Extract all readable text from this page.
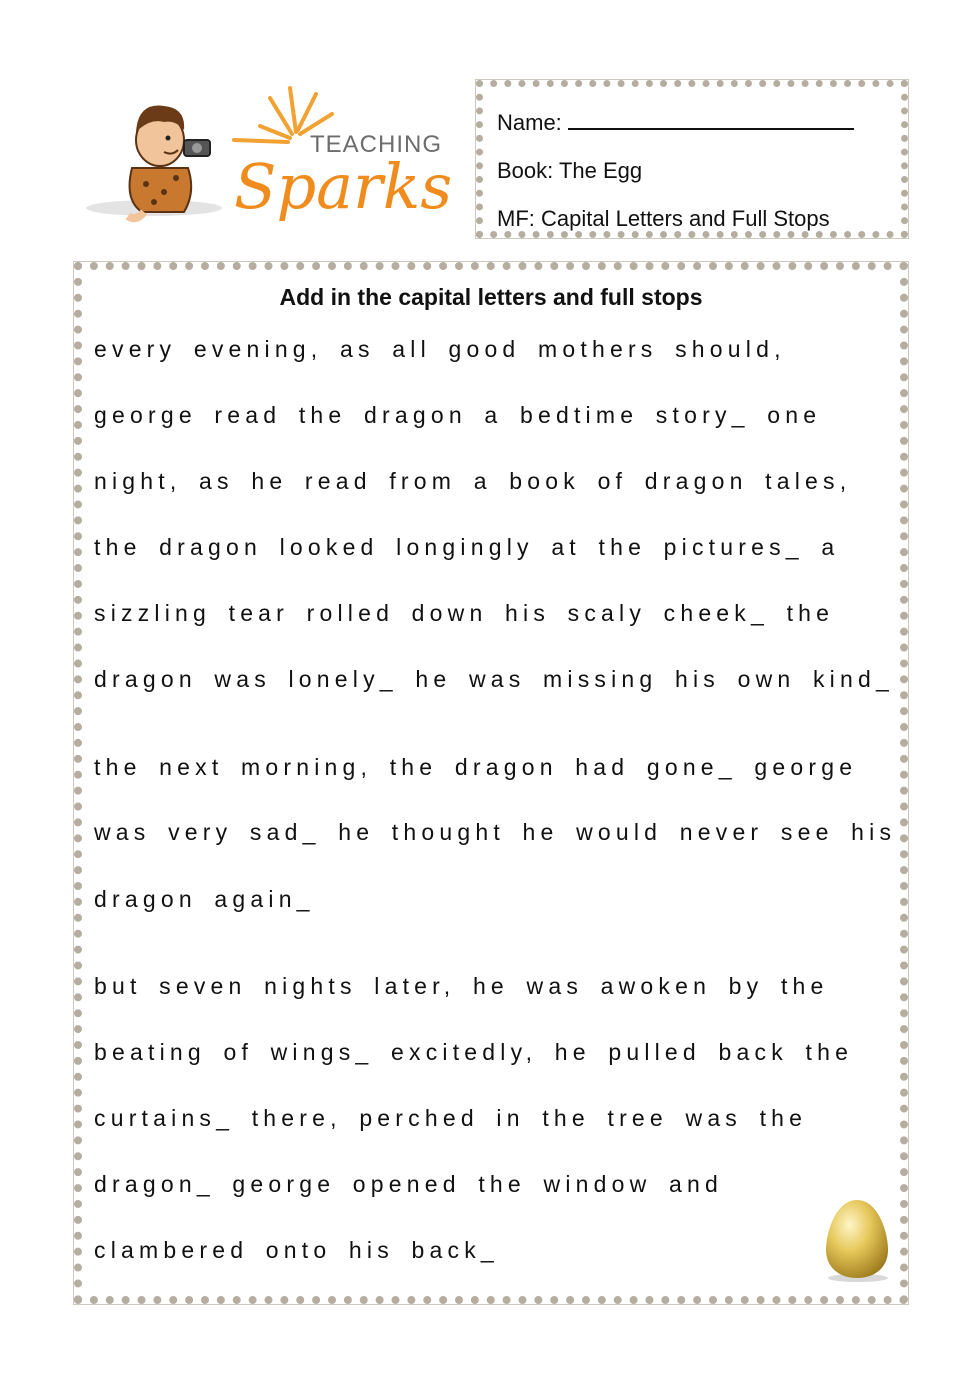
TEACHING
Sparks
Name:
Book: The Egg
MF: Capital Letters and Full Stops
Add in the capital letters and full stops
every evening, as all good mothers should,
george read the dragon a bedtime story_ one
night, as he read from a book of dragon tales,
the dragon looked longingly at the pictures_ a
sizzling tear rolled down his scaly cheek_ the
dragon was lonely_ he was missing his own kind_
the next morning, the dragon had gone_ george
was very sad_ he thought he would never see his
dragon again_
but seven nights later, he was awoken by the
beating of wings_ excitedly, he pulled back the
curtains_ there, perched in the tree was the
dragon_ george opened the window and
clambered onto his back_
